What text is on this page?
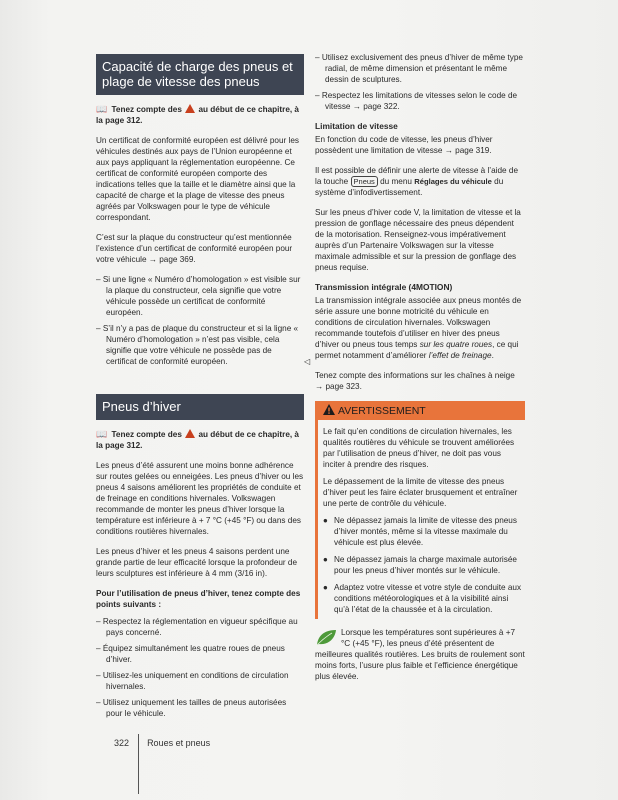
Capacité de charge des pneus et plage de vitesse des pneus

📖 Tenez compte des au début de ce chapitre, à la page 312.

Un certificat de conformité européen est délivré pour les véhicules destinés aux pays de l’Union européenne et aux pays appliquant la réglementation européenne. Ce certificat de conformité européen comporte des indications telles que la taille et le diamètre ainsi que la capacité de charge et la plage de vitesse des pneus agréés par Volkswagen pour le type de véhicule correspondant.

C’est sur la plaque du constructeur qu’est mentionnée l’existence d’un certificat de conformité européen pour votre véhicule → page 369.

– Si une ligne « Numéro d’homologation » est visible sur la plaque du constructeur, cela signifie que votre véhicule possède un certificat de conformité européen.

– S’il n’y a pas de plaque du constructeur et si la ligne « Numéro d’homologation » n’est pas visible, cela signifie que votre véhicule ne possède pas de certificat de conformité européen.	◁

Pneus d’hiver

📖 Tenez compte des au début de ce chapitre, à la page 312.

Les pneus d’été assurent une moins bonne adhérence sur routes gelées ou enneigées. Les pneus d’hiver ou les pneus 4 saisons améliorent les propriétés de conduite et de freinage en conditions hivernales. Volkswagen recommande de monter les pneus d’hiver lorsque la température est inférieure à + 7 °C (+45 °F) ou dans des conditions routières hivernales.

Les pneus d’hiver et les pneus 4 saisons perdent une grande partie de leur efficacité lorsque la profondeur de leurs sculptures est inférieure à 4 mm (3/16 in).

Pour l’utilisation de pneus d’hiver, tenez compte des points suivants :

– Respectez la réglementation en vigueur spécifique au pays concerné.

– Équipez simultanément les quatre roues de pneus d’hiver.

– Utilisez-les uniquement en conditions de circulation hivernales.

– Utilisez uniquement les tailles de pneus autorisées pour le véhicule.

– Utilisez exclusivement des pneus d’hiver de même type radial, de même dimension et présentant le même dessin de sculptures.

– Respectez les limitations de vitesses selon le code de vitesse → page 322.

Limitation de vitesse

En fonction du code de vitesse, les pneus d’hiver possèdent une limitation de vitesse → page 319.

Il est possible de définir une alerte de vitesse à l’aide de la touche Pneus du menu Réglages du véhicule du système d’infodivertissement.

Sur les pneus d’hiver code V, la limitation de vitesse et la pression de gonflage nécessaire des pneus dépendent de la motorisation. Renseignez-vous impérativement auprès d’un Partenaire Volkswagen sur la vitesse maximale admissible et sur la pression de gonflage des pneus requise.

Transmission intégrale (4MOTION)

La transmission intégrale associée aux pneus montés de série assure une bonne motricité du véhicule en conditions de circulation hivernales. Volkswagen recommande toutefois d’utiliser en hiver des pneus d’hiver ou pneus tous temps sur les quatre roues, ce qui permet notamment d’améliorer l’effet de freinage.

Tenez compte des informations sur les chaînes à neige → page 323.

AVERTISSEMENT

Le fait qu’en conditions de circulation hivernales, les qualités routières du véhicule se trouvent améliorées par l’utilisation de pneus d’hiver, ne doit pas vous inciter à prendre des risques.

Le dépassement de la limite de vitesse des pneus d’hiver peut les faire éclater brusquement et entraîner une perte de contrôle du véhicule.

● Ne dépassez jamais la limite de vitesse des pneus d’hiver montés, même si la vitesse maximale du véhicule est plus élevée.

● Ne dépassez jamais la charge maximale autorisée pour les pneus d’hiver montés sur le véhicule.

● Adaptez votre vitesse et votre style de conduite aux conditions météorologiques et à la visibilité ainsi qu’à l’état de la chaussée et à la circulation.

Lorsque les températures sont supérieures à +7 °C (+45 °F), les pneus d’été présentent de meilleures qualités routières. Les bruits de roulement sont moins forts, l’usure plus faible et l’efficience énergétique plus élevée.

322 Roues et pneus
